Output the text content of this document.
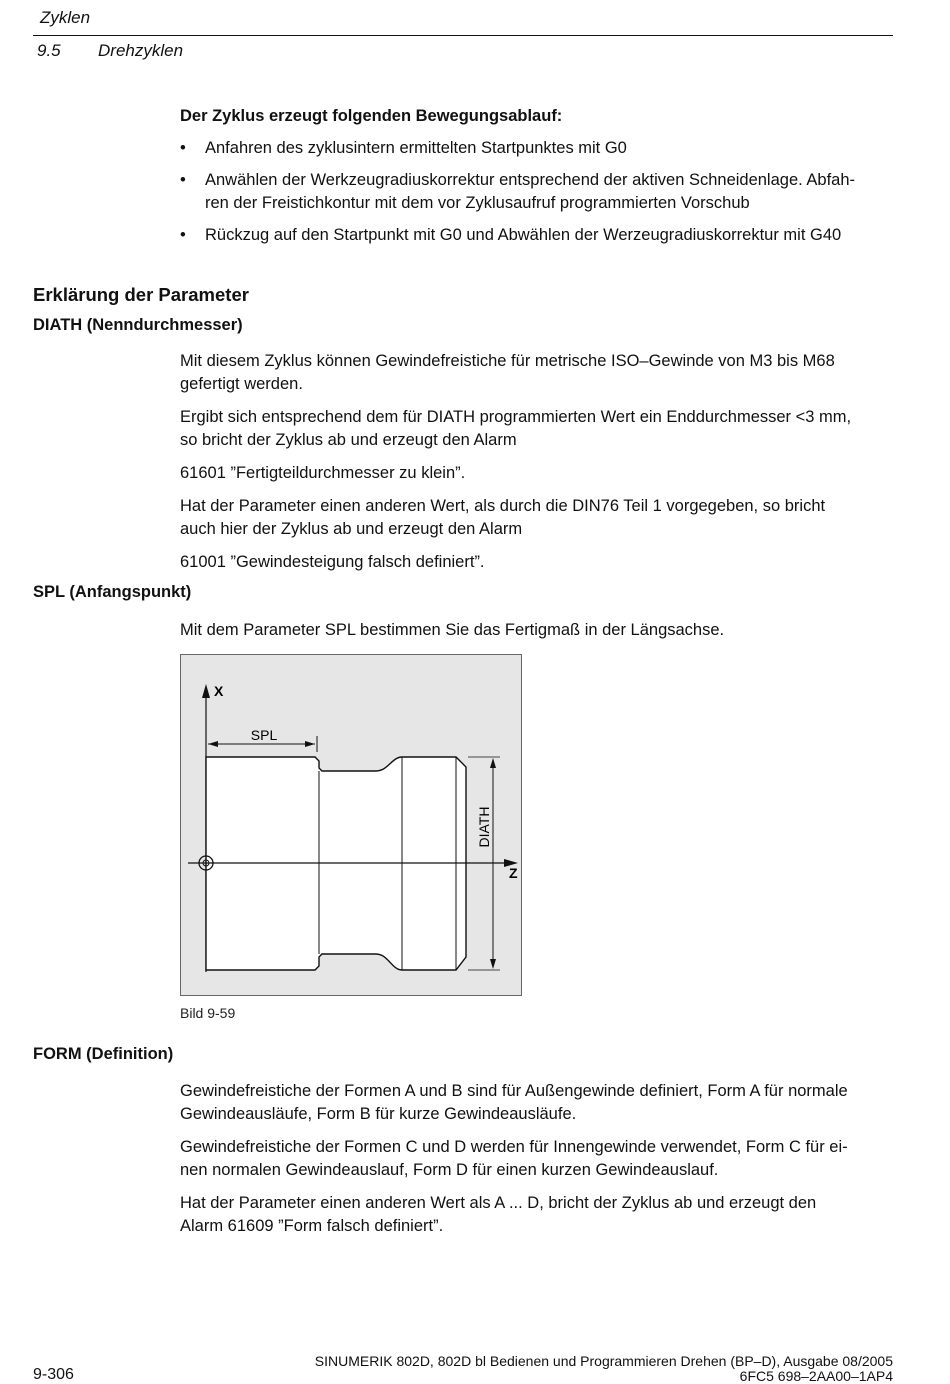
Zyklen
9.5 Drehzyklen
Der Zyklus erzeugt folgenden Bewegungsablauf:
• Anfahren des zyklusintern ermittelten Startpunktes mit G0
• Anwählen der Werkzeugradiuskorrektur entsprechend der aktiven Schneidenlage. Abfah-
ren der Freistichkontur mit dem vor Zyklusaufruf programmierten Vorschub
• Rückzug auf den Startpunkt mit G0 und Abwählen der Werzeugradiuskorrektur mit G40
Erklärung der Parameter
DIATH (Nenndurchmesser)

Mit diesem Zyklus können Gewindefreistiche für metrische ISO–Gewinde von M3 bis M68
gefertigt werden.

Ergibt sich entsprechend dem für DIATH programmierten Wert ein Enddurchmesser <3 mm,
so bricht der Zyklus ab und erzeugt den Alarm

61601 ”Fertigteildurchmesser zu klein”.

Hat der Parameter einen anderen Wert, als durch die DIN76 Teil 1 vorgegeben, so bricht
auch hier der Zyklus ab und erzeugt den Alarm

61001 ”Gewindesteigung falsch definiert”.

SPL (Anfangspunkt)
Mit dem Parameter SPL bestimmen Sie das Fertigmaß in der Längsachse.
X
SPL
Z
DIATH
Bild 9-59
FORM (Definition)

Gewindefreistiche der Formen A und B sind für Außengewinde definiert, Form A für normale
Gewindeausläufe, Form B für kurze Gewindeausläufe.

Gewindefreistiche der Formen C und D werden für Innengewinde verwendet, Form C für ei-
nen normalen Gewindeauslauf, Form D für einen kurzen Gewindeauslauf.

Hat der Parameter einen anderen Wert als A ... D, bricht der Zyklus ab und erzeugt den
Alarm 61609 ”Form falsch definiert”.

9-306
SINUMERIK 802D, 802D bl Bedienen und Programmieren Drehen (BP–D), Ausgabe 08/2005
6FC5 698–2AA00–1AP4
